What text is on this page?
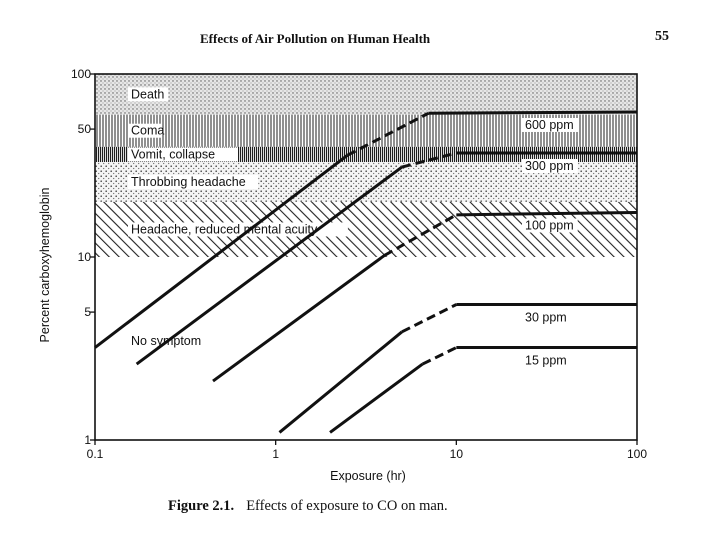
Effects of Air Pollution on Human Health	55
Death
Coma
Vomit, collapse
Throbbing headache
Headache, reduced mental acuity
No symptom
600 ppm
300 ppm
100 ppm
30 ppm
15 ppm
0.1	1	10	100
1
5
10
50
100
Exposure (hr)
Percent carboxyhemoglobin
Figure 2.1. Effects of exposure to CO on man.
